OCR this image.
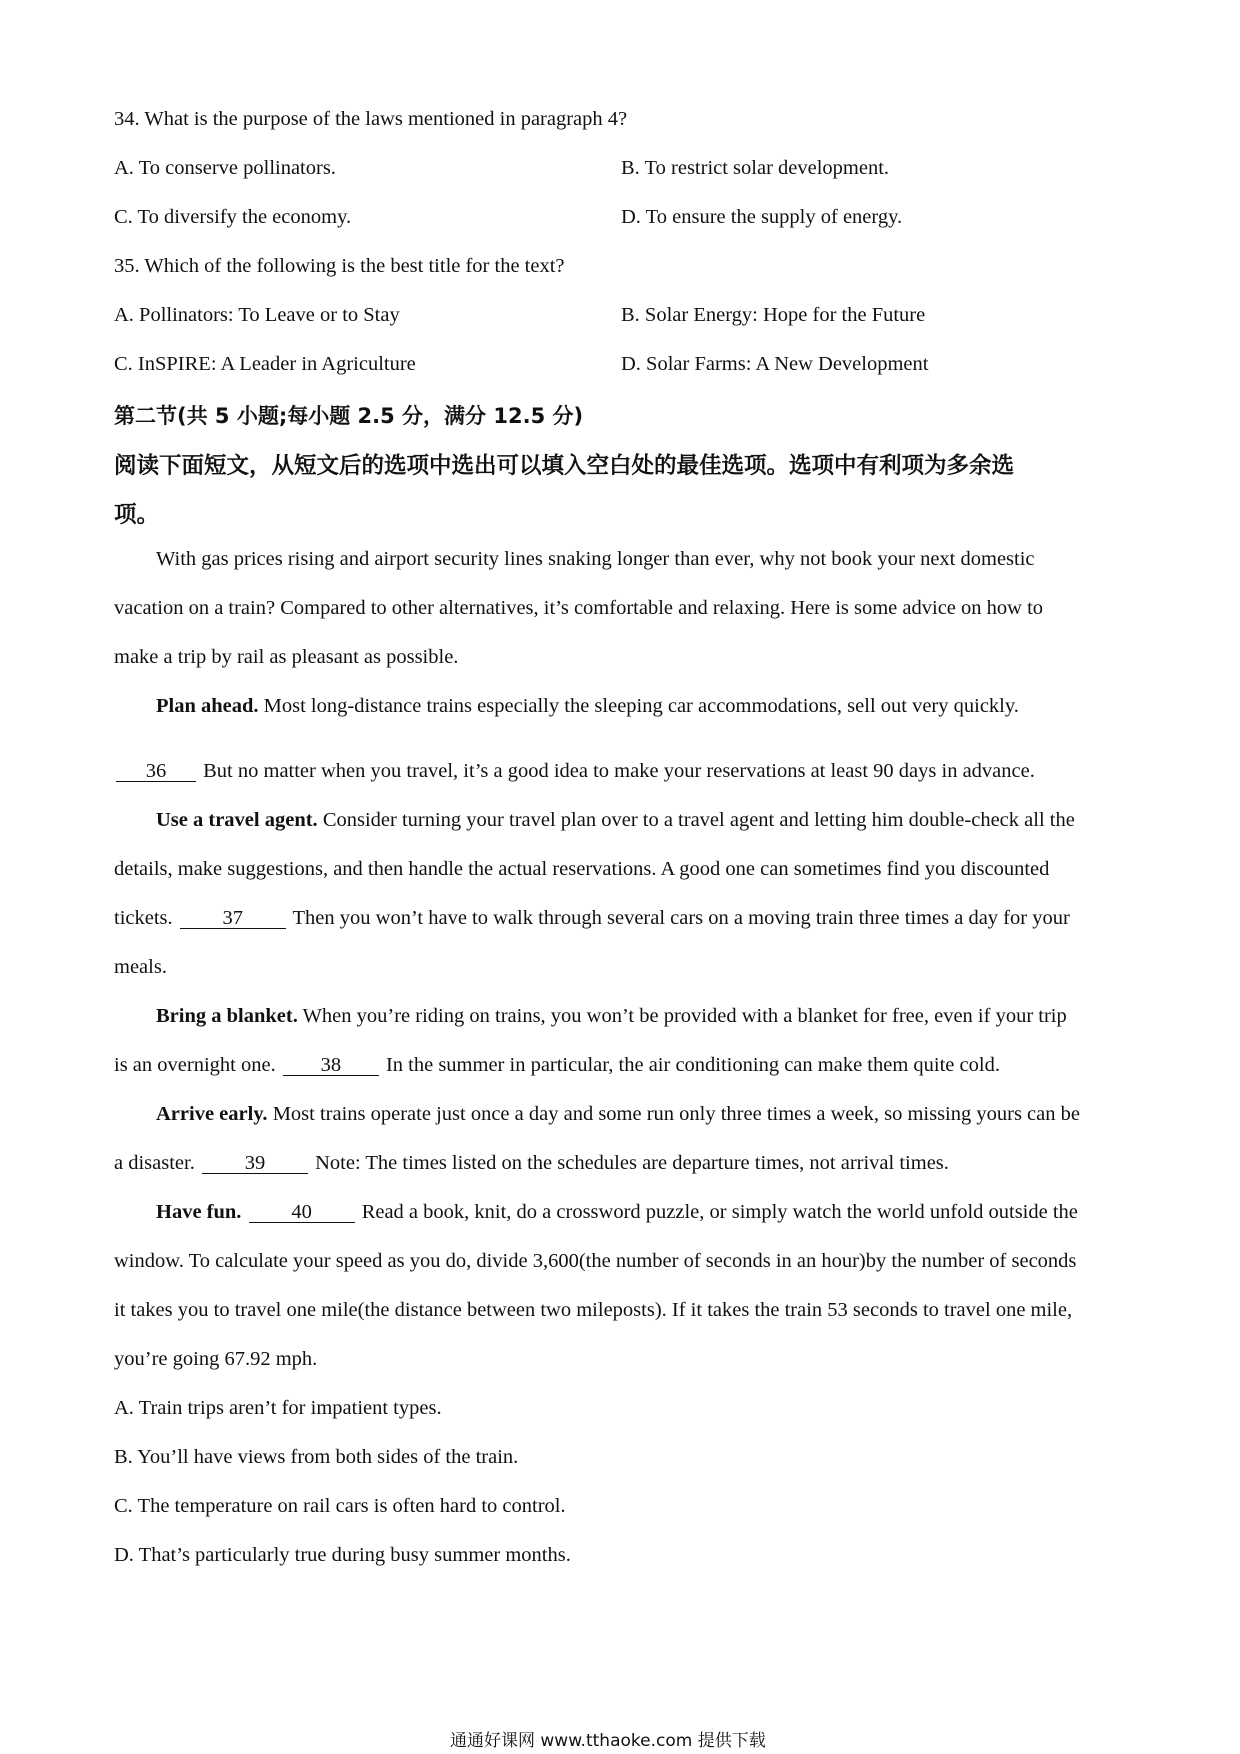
34. What is the purpose of the laws mentioned in paragraph 4?
A. To conserve pollinators.	B. To restrict solar development.
C. To diversify the economy.	D. To ensure the supply of energy.
35. Which of the following is the best title for the text?
A. Pollinators: To Leave or to Stay	B. Solar Energy: Hope for the Future
C. InSPIRE: A Leader in Agriculture	D. Solar Farms: A New Development
第二节(共 5 小题;每小题 2.5 分，满分 12.5 分)
阅读下面短文，从短文后的选项中选出可以填入空白处的最佳选项。选项中有利项为多余选
项。
With gas prices rising and airport security lines snaking longer than ever, why not book your next domestic
vacation on a train? Compared to other alternatives, it’s comfortable and relaxing. Here is some advice on how to
make a trip by rail as pleasant as possible.
Plan ahead. Most long-distance trains especially the sleeping car accommodations, sell out very quickly.
36 But no matter when you travel, it’s a good idea to make your reservations at least 90 days in advance.
Use a travel agent. Consider turning your travel plan over to a travel agent and letting him double-check all the
details, make suggestions, and then handle the actual reservations. A good one can sometimes find you discounted
tickets. 37 Then you won’t have to walk through several cars on a moving train three times a day for your
meals.
Bring a blanket. When you’re riding on trains, you won’t be provided with a blanket for free, even if your trip
is an overnight one. 38 In the summer in particular, the air conditioning can make them quite cold.
Arrive early. Most trains operate just once a day and some run only three times a week, so missing yours can be
a disaster. 39 Note: The times listed on the schedules are departure times, not arrival times.
Have fun. 40 Read a book, knit, do a crossword puzzle, or simply watch the world unfold outside the
window. To calculate your speed as you do, divide 3,600(the number of seconds in an hour)by the number of seconds
it takes you to travel one mile(the distance between two mileposts). If it takes the train 53 seconds to travel one mile,
you’re going 67.92 mph.
A. Train trips aren’t for impatient types.
B. You’ll have views from both sides of the train.
C. The temperature on rail cars is often hard to control.
D. That’s particularly true during busy summer months.
通通好课网 www.tthaoke.com 提供下载
